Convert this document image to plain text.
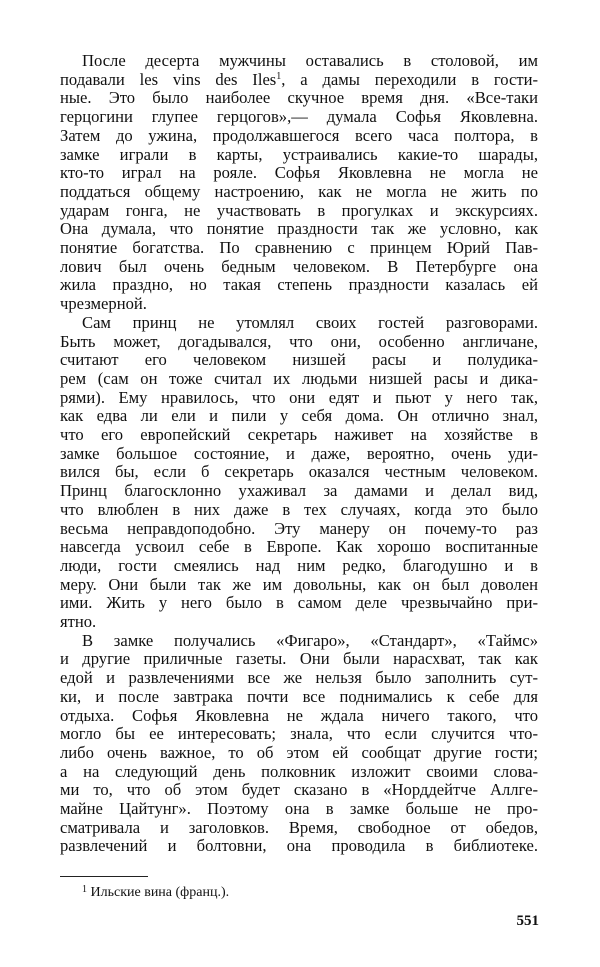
После десерта мужчины оставались в столовой, им
подавали les vins des Iles$^1$, а дамы переходили в гости-
ные. Это было наиболее скучное время дня. «Все-таки
герцогини глупее герцогов»,— думала Софья Яковлевна.
Затем до ужина, продолжавшегося всего часа полтора, в
замке играли в карты, устраивались какие-то шарады,
кто-то играл на рояле. Софья Яковлевна не могла не
поддаться общему настроению, как не могла не жить по
ударам гонга, не участвовать в прогулках и экскурсиях.
Она думала, что понятие праздности так же условно, как
понятие богатства. По сравнению с принцем Юрий Пав-
лович был очень бедным человеком. В Петербурге она
жила праздно, но такая степень праздности казалась ей
чрезмерной.
Сам принц не утомлял своих гостей разговорами.
Быть может, догадывался, что они, особенно англичане,
считают его человеком низшей расы и полудика-
рем (сам он тоже считал их людьми низшей расы и дика-
рями). Ему нравилось, что они едят и пьют у него так,
как едва ли ели и пили у себя дома. Он отлично знал,
что его европейский секретарь наживет на хозяйстве в
замке большое состояние, и даже, вероятно, очень уди-
вился бы, если б секретарь оказался честным человеком.
Принц благосклонно ухаживал за дамами и делал вид,
что влюблен в них даже в тех случаях, когда это было
весьма неправдоподобно. Эту манеру он почему-то раз
навсегда усвоил себе в Европе. Как хорошо воспитанные
люди, гости смеялись над ним редко, благодушно и в
меру. Они были так же им довольны, как он был доволен
ими. Жить у него было в самом деле чрезвычайно при-
ятно.
$^1$ Ильские вина (франц.).
551
В замке получались «Фигаро», «Стандарт», «Таймс»
и другие приличные газеты. Они были нарасхват, так как
едой и развлечениями все же нельзя было заполнить сут-
ки, и после завтрака почти все поднимались к себе для
отдыха. Софья Яковлевна не ждала ничего такого, что
могло бы ее интересовать; знала, что если случится что-
либо очень важное, то об этом ей сообщат другие гости;
а на следующий день полковник изложит своими слова-
ми то, что об этом будет сказано в «Норддейтче Аллге-
майне Цайтунг». Поэтому она в замке больше не про-
сматривала и заголовков. Время, свободное от обедов,
развлечений и болтовни, она проводила в библиотеке.
